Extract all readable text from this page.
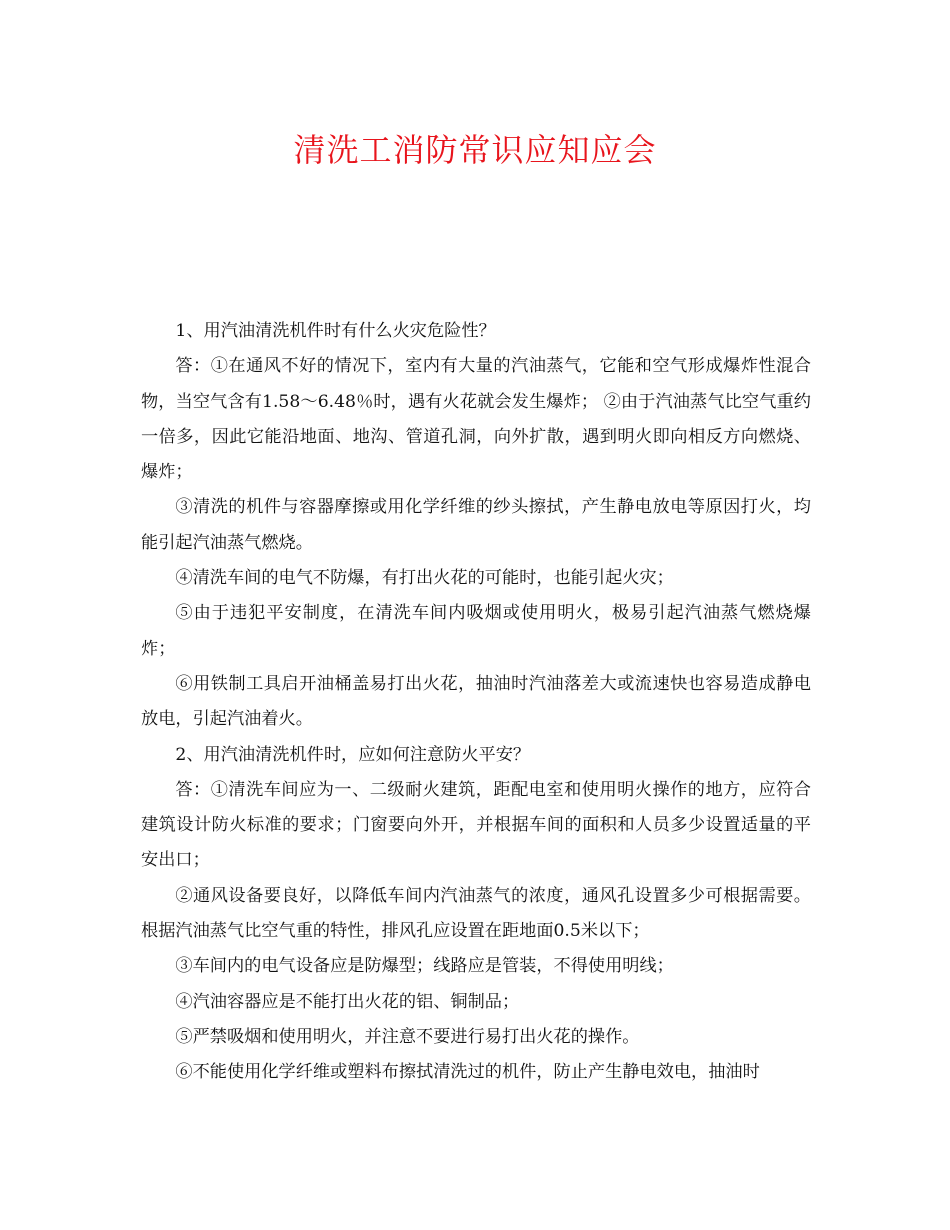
清洗工消防常识应知应会

1、用汽油清洗机件时有什么火灾危险性？

答：①在通风不好的情况下，室内有大量的汽油蒸气，它能和空气形成爆炸性混合物，当空气含有1.58～6.48％时，遇有火花就会发生爆炸； ②由于汽油蒸气比空气重约一倍多，因此它能沿地面、地沟、管道孔洞，向外扩散，遇到明火即向相反方向燃烧、爆炸；

③清洗的机件与容器摩擦或用化学纤维的纱头擦拭，产生静电放电等原因打火，均能引起汽油蒸气燃烧。

④清洗车间的电气不防爆，有打出火花的可能时，也能引起火灾；

⑤由于违犯平安制度，在清洗车间内吸烟或使用明火，极易引起汽油蒸气燃烧爆炸；

⑥用铁制工具启开油桶盖易打出火花，抽油时汽油落差大或流速快也容易造成静电放电，引起汽油着火。

2、用汽油清洗机件时，应如何注意防火平安？

答：①清洗车间应为一、二级耐火建筑，距配电室和使用明火操作的地方，应符合建筑设计防火标准的要求；门窗要向外开，并根据车间的面积和人员多少设置适量的平安出口；

②通风设备要良好，以降低车间内汽油蒸气的浓度，通风孔设置多少可根据需要。根据汽油蒸气比空气重的特性，排风孔应设置在距地面0.5米以下；

③车间内的电气设备应是防爆型；线路应是管装，不得使用明线；

④汽油容器应是不能打出火花的铝、铜制品；

⑤严禁吸烟和使用明火，并注意不要进行易打出火花的操作。

⑥不能使用化学纤维或塑料布擦拭清洗过的机件，防止产生静电效电，抽油时
